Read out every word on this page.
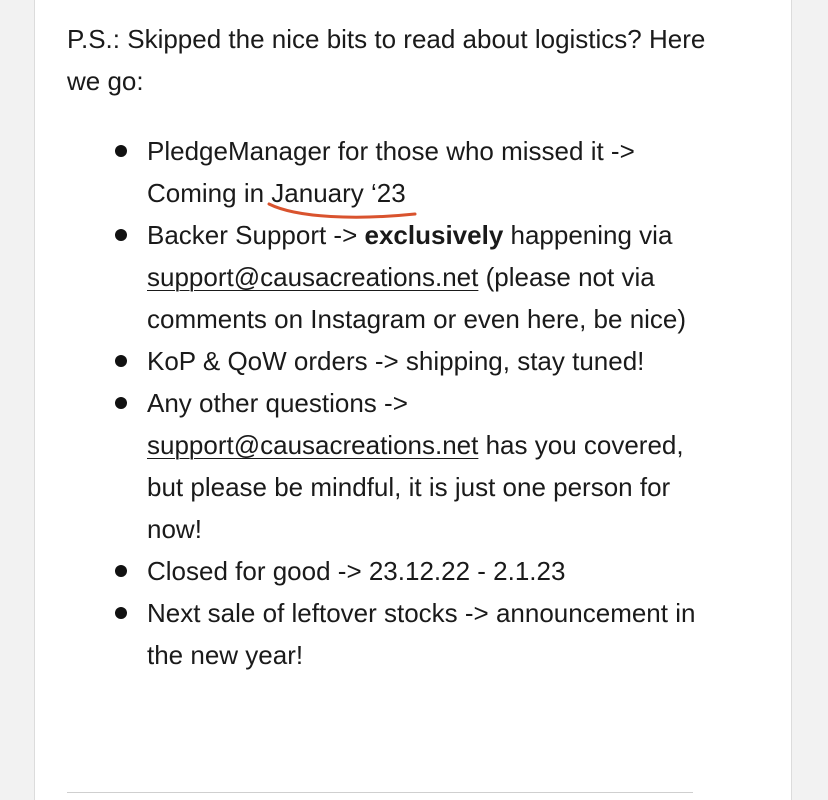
P.S.: Skipped the nice bits to read about logistics? Here we go:

PledgeManager for those who missed it -> Coming in January ‘23
Backer Support -> exclusively happening via support@causacreations.net (please not via comments on Instagram or even here, be nice)
KoP & QoW orders -> shipping, stay tuned!
Any other questions -> support@causacreations.net has you covered, but please be mindful, it is just one person for now!
Closed for good -> 23.12.22 - 2.1.23
Next sale of leftover stocks -> announcement in the new year!
